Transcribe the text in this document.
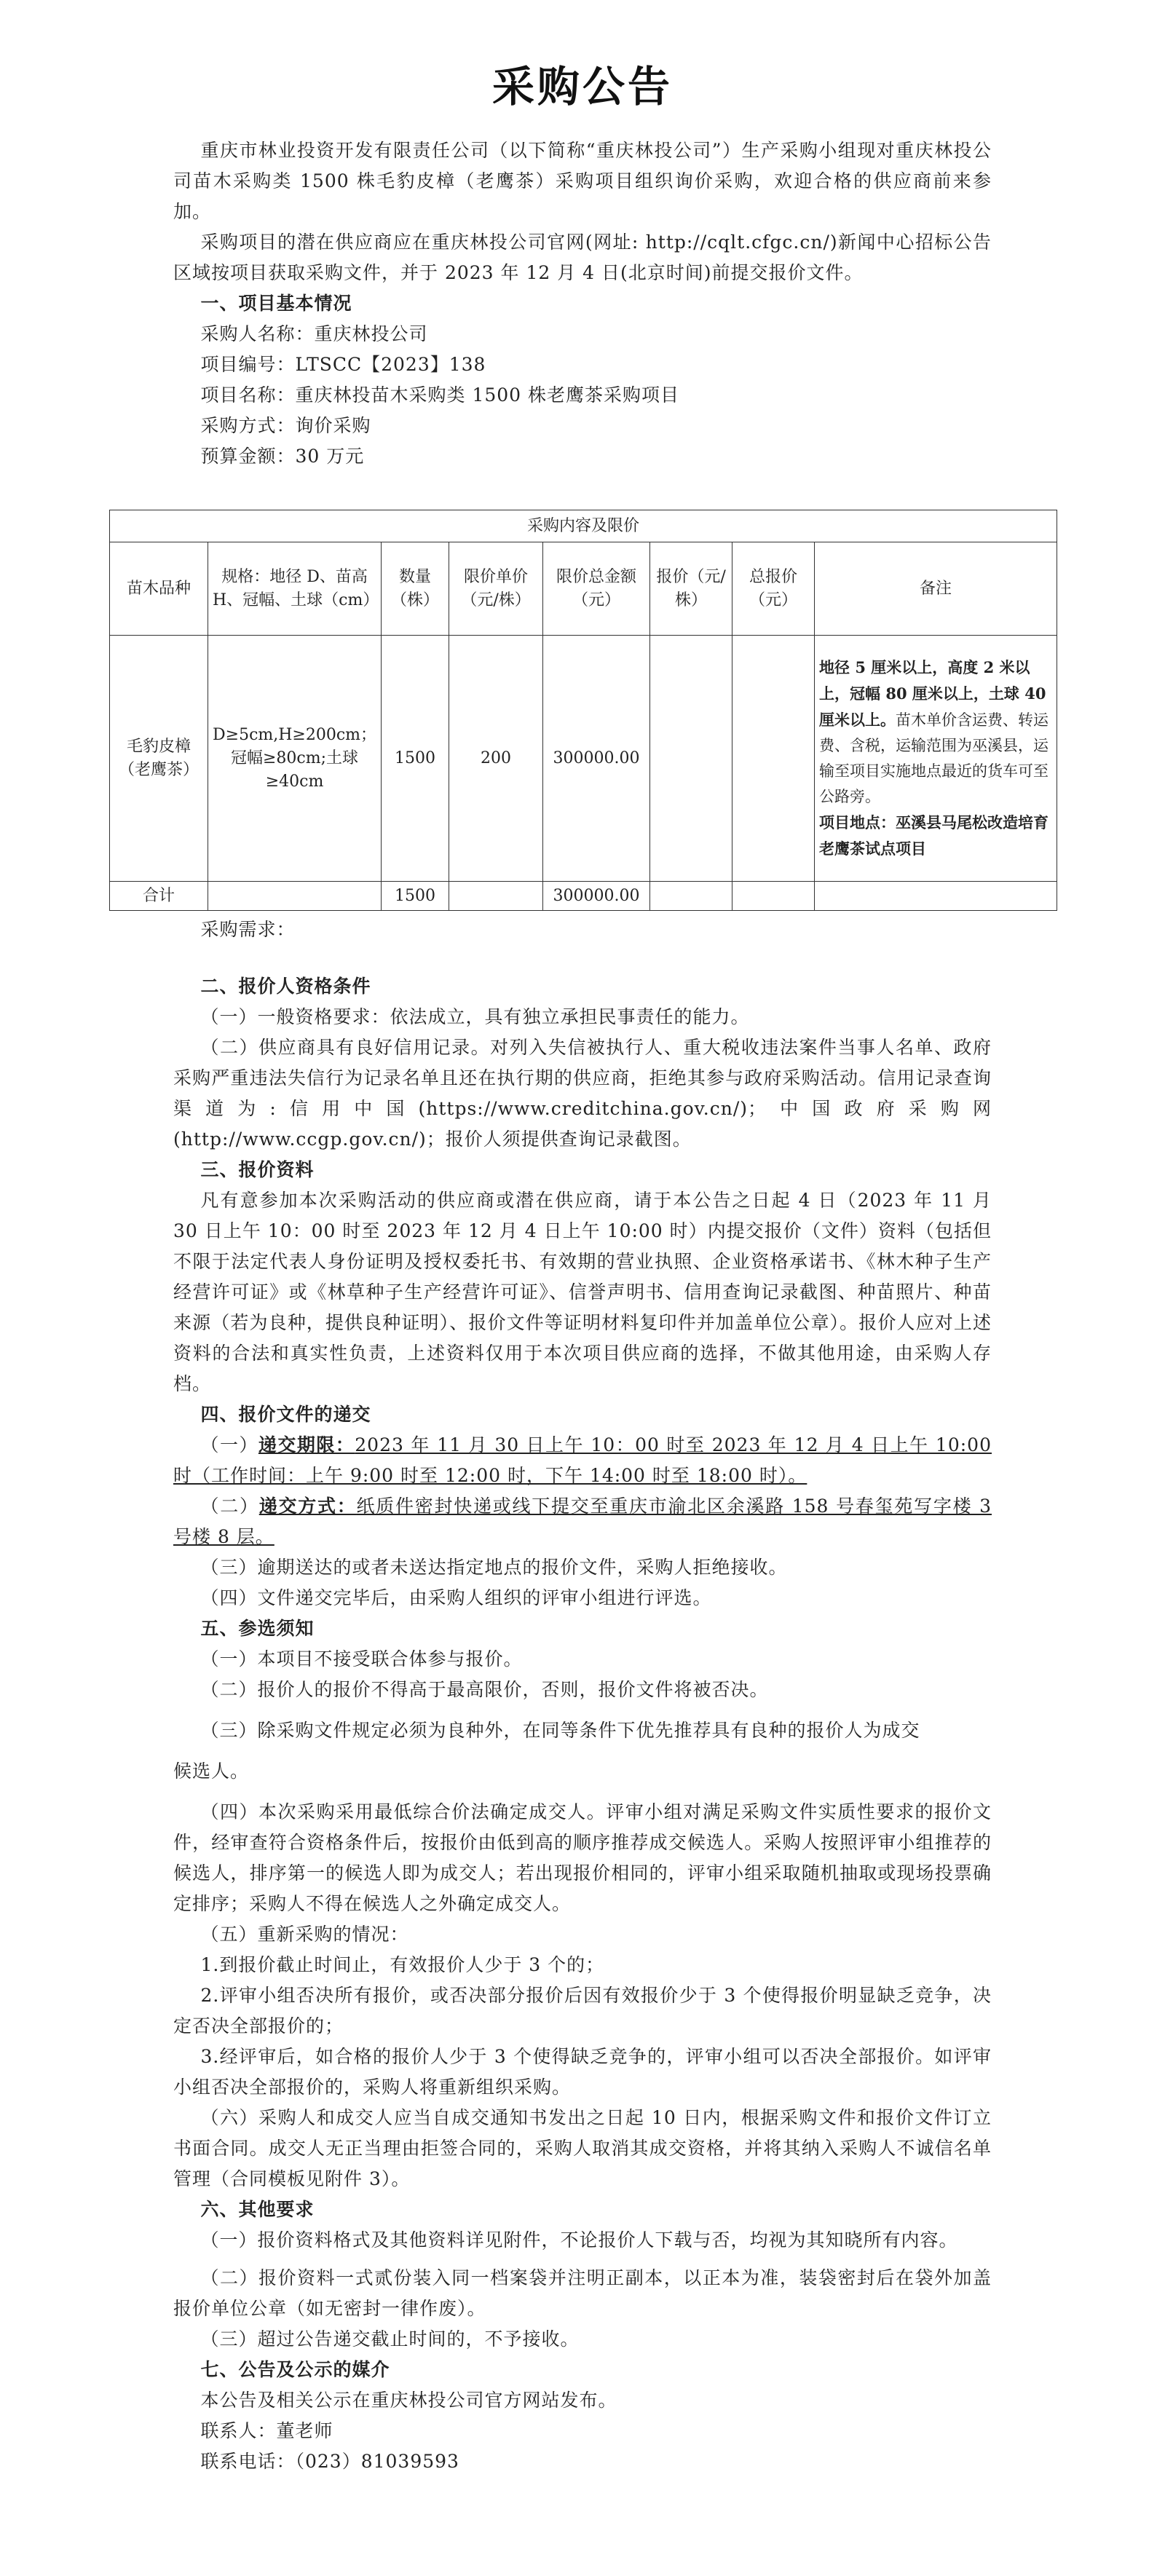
采购公告

重庆市林业投资开发有限责任公司（以下简称“重庆林投公司”）生产采购小组现对重庆林投公司苗木采购类 1500 株毛豹皮樟（老鹰茶）采购项目组织询价采购，欢迎合格的供应商前来参加。

采购项目的潜在供应商应在重庆林投公司官网(网址: http://cqlt.cfgc.cn/)新闻中心招标公告区域按项目获取采购文件，并于 2023 年 12 月 4 日(北京时间)前提交报价文件。

一、项目基本情况

采购人名称：重庆林投公司

项目编号：LTSCC【2023】138

项目名称：重庆林投苗木采购类 1500 株老鹰茶采购项目

采购方式：询价采购

预算金额：30 万元

采购内容及限价							
苗木品种	规格：地径 D、苗高 H、冠幅、土球（cm）	数量（株）	限价单价（元/株）	限价总金额（元）	报价（元/株）	总报价（元）	备注
毛豹皮樟（老鹰茶）	D≥5cm,H≥200cm；冠幅≥80cm;土球≥40cm	1500	200	300000.00			地径 5 厘米以上，高度 2 米以上，冠幅 80 厘米以上，土球 40 厘米以上。苗木单价含运费、转运费、含税，运输范围为巫溪县，运输至项目实施地点最近的货车可至公路旁。
项目地点：巫溪县马尾松改造培育老鹰茶试点项目
合计		1500		300000.00			

采购需求：

二、报价人资格条件

（一）一般资格要求：依法成立，具有独立承担民事责任的能力。

（二）供应商具有良好信用记录。对列入失信被执行人、重大税收违法案件当事人名单、政府采购严重违法失信行为记录名单且还在执行期的供应商，拒绝其参与政府采购活动。信用记录查询渠道为:信用中国(https://www.creditchina.gov.cn/)；中国政府采购网(http://www.ccgp.gov.cn/)；报价人须提供查询记录截图。

三、报价资料

凡有意参加本次采购活动的供应商或潜在供应商，请于本公告之日起 4 日（2023 年 11 月 30 日上午 10：00 时至 2023 年 12 月 4 日上午 10:00 时）内提交报价（文件）资料（包括但不限于法定代表人身份证明及授权委托书、有效期的营业执照、企业资格承诺书、《林木种子生产经营许可证》或《林草种子生产经营许可证》、信誉声明书、信用查询记录截图、种苗照片、种苗来源（若为良种，提供良种证明）、报价文件等证明材料复印件并加盖单位公章）。报价人应对上述资料的合法和真实性负责，上述资料仅用于本次项目供应商的选择，不做其他用途，由采购人存档。

四、报价文件的递交

（一）递交期限：2023 年 11 月 30 日上午 10：00 时至 2023 年 12 月 4 日上午 10:00 时（工作时间：上午 9:00 时至 12:00 时，下午 14:00 时至 18:00 时）。

（二）递交方式：纸质件密封快递或线下提交至重庆市渝北区余溪路 158 号春玺苑写字楼 3 号楼 8 层。

（三）逾期送达的或者未送达指定地点的报价文件，采购人拒绝接收。

（四）文件递交完毕后，由采购人组织的评审小组进行评选。

五、参选须知

（一）本项目不接受联合体参与报价。

（二）报价人的报价不得高于最高限价，否则，报价文件将被否决。

（三）除采购文件规定必须为良种外，在同等条件下优先推荐具有良种的报价人为成交

候选人。

（四）本次采购采用最低综合价法确定成交人。评审小组对满足采购文件实质性要求的报价文件，经审查符合资格条件后，按报价由低到高的顺序推荐成交候选人。采购人按照评审小组推荐的候选人，排序第一的候选人即为成交人；若出现报价相同的，评审小组采取随机抽取或现场投票确定排序；采购人不得在候选人之外确定成交人。

（五）重新采购的情况：

1.到报价截止时间止，有效报价人少于 3 个的；

2.评审小组否决所有报价，或否决部分报价后因有效报价少于 3 个使得报价明显缺乏竞争，决定否决全部报价的；

3.经评审后，如合格的报价人少于 3 个使得缺乏竞争的，评审小组可以否决全部报价。如评审小组否决全部报价的，采购人将重新组织采购。

（六）采购人和成交人应当自成交通知书发出之日起 10 日内，根据采购文件和报价文件订立书面合同。成交人无正当理由拒签合同的，采购人取消其成交资格，并将其纳入采购人不诚信名单管理（合同模板见附件 3）。

六、其他要求

（一）报价资料格式及其他资料详见附件，不论报价人下载与否，均视为其知晓所有内容。

（二）报价资料一式贰份装入同一档案袋并注明正副本，以正本为准，装袋密封后在袋外加盖报价单位公章（如无密封一律作废）。

（三）超过公告递交截止时间的，不予接收。

七、公告及公示的媒介

本公告及相关公示在重庆林投公司官方网站发布。

联系人：董老师

联系电话：（023）81039593
